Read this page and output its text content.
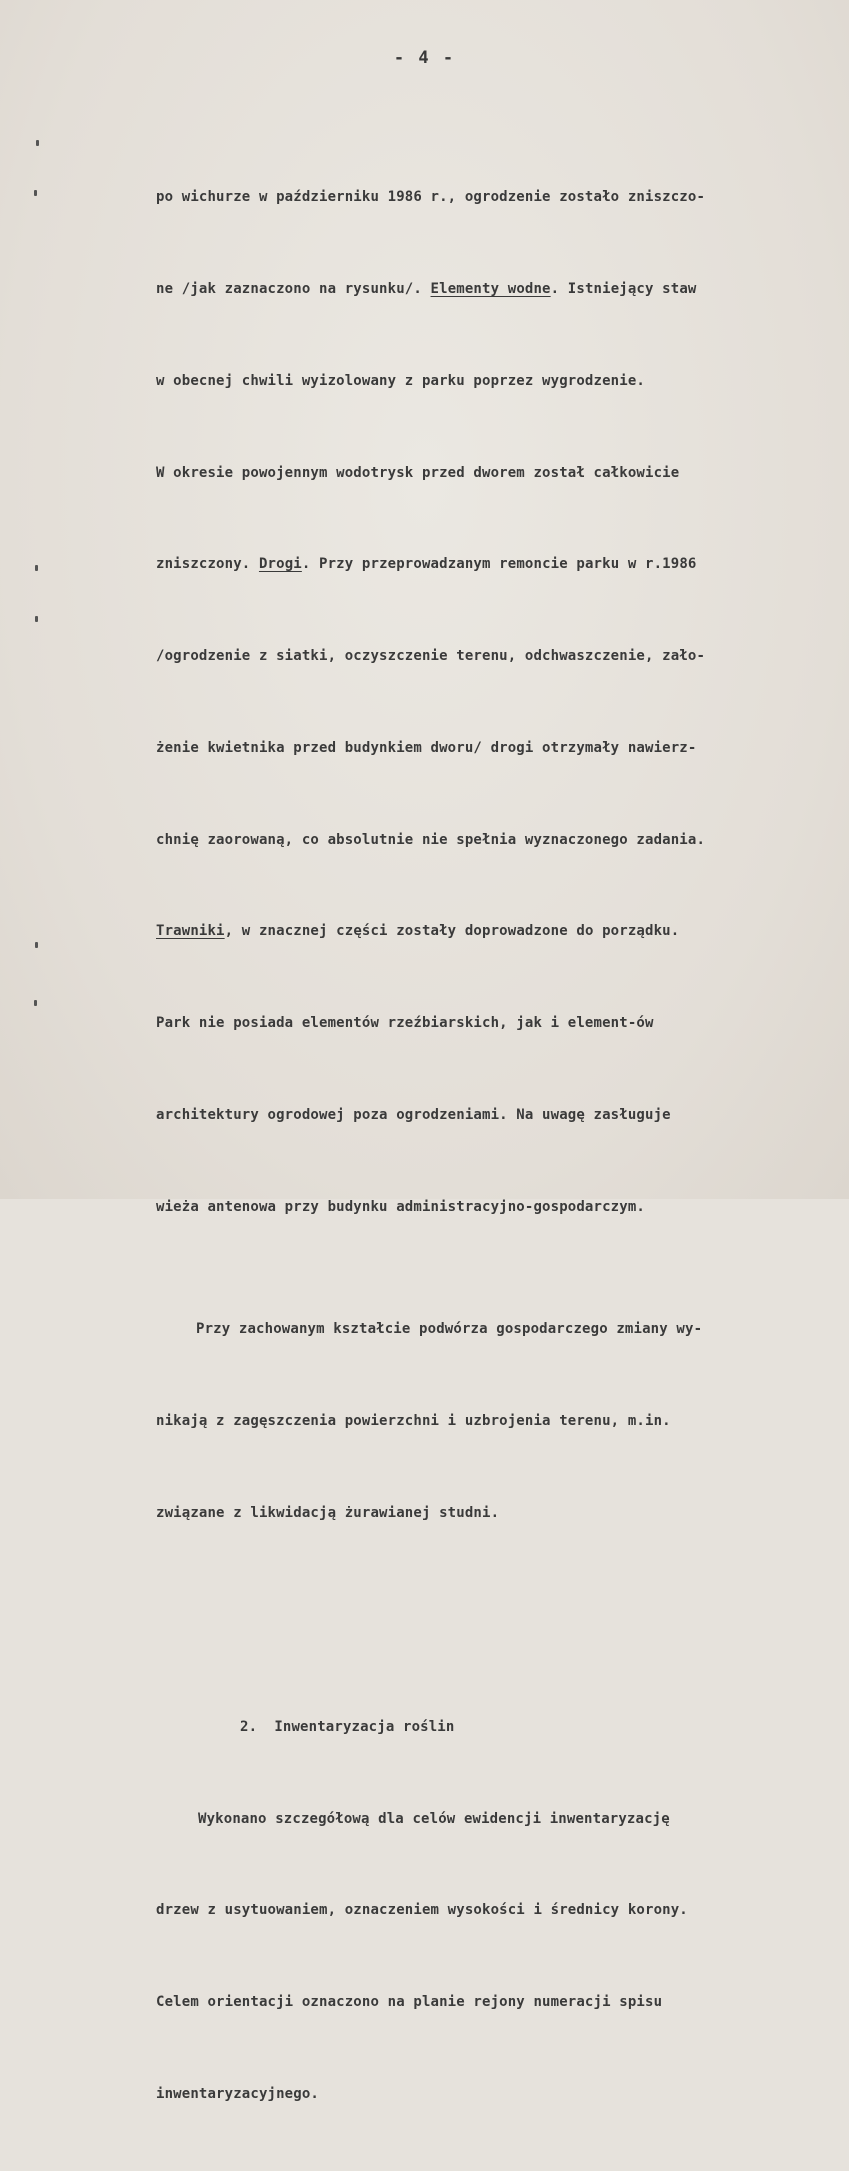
- 4 -

po wichurze w październiku 1986 r., ogrodzenie zostało zniszczo-

ne /jak zaznaczono na rysunku/. Elementy wodne. Istniejący staw

w obecnej chwili wyizolowany z parku poprzez wygrodzenie.

W okresie powojennym wodotrysk przed dworem został całkowicie

zniszczony. Drogi. Przy przeprowadzanym remoncie parku w r.1986

/ogrodzenie z siatki, oczyszczenie terenu, odchwaszczenie, zało-

żenie kwietnika przed budynkiem dworu/ drogi otrzymały nawierz-

chnię zaorowaną, co absolutnie nie spełnia wyznaczonego zadania.

Trawniki, w znacznej części zostały doprowadzone do porządku.

Park nie posiada elementów rzeźbiarskich, jak i element-ów

architektury ogrodowej poza ogrodzeniami. Na uwagę zasługuje

wieża antenowa przy budynku administracyjno-gospodarczym.

Przy zachowanym kształcie podwórza gospodarczego zmiany wy-

nikają z zagęszczenia powierzchni i uzbrojenia terenu, m.in.

związane z likwidacją żurawianej studni.

2.  Inwentaryzacja roślin

Wykonano szczegółową dla celów ewidencji inwentaryzację

drzew z usytuowaniem, oznaczeniem wysokości i średnicy korony.

Celem orientacji oznaczono na planie rejony numeracji spisu

inwentaryzacyjnego.
